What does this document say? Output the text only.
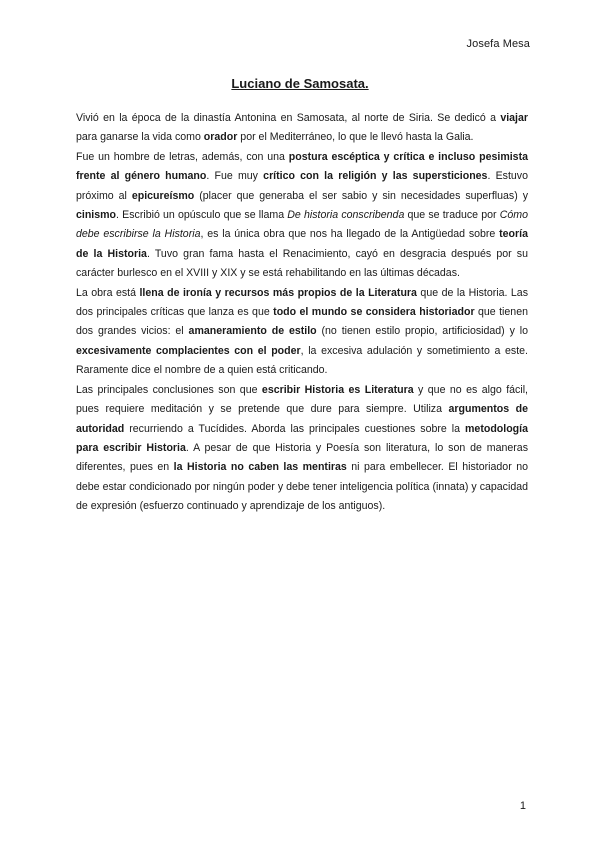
Josefa Mesa
Luciano de Samosata.

Vivió en la época de la dinastía Antonina en Samosata, al norte de Siria. Se dedicó a viajar para ganarse la vida como orador por el Mediterráneo, lo que le llevó hasta la Galia.

Fue un hombre de letras, además, con una postura escéptica y crítica e incluso pesimista frente al género humano. Fue muy crítico con la religión y las supersticiones. Estuvo próximo al epicureísmo (placer que generaba el ser sabio y sin necesidades superfluas) y cinismo. Escribió un opúsculo que se llama De historia conscribenda que se traduce por Cómo debe escribirse la Historia, es la única obra que nos ha llegado de la Antigüedad sobre teoría de la Historia. Tuvo gran fama hasta el Renacimiento, cayó en desgracia después por su carácter burlesco en el XVIII y XIX y se está rehabilitando en las últimas décadas.

La obra está llena de ironía y recursos más propios de la Literatura que de la Historia. Las dos principales críticas que lanza es que todo el mundo se considera historiador que tienen dos grandes vicios: el amaneramiento de estilo (no tienen estilo propio, artificiosidad) y lo excesivamente complacientes con el poder, la excesiva adulación y sometimiento a este. Raramente dice el nombre de a quien está criticando.

Las principales conclusiones son que escribir Historia es Literatura y que no es algo fácil, pues requiere meditación y se pretende que dure para siempre. Utiliza argumentos de autoridad recurriendo a Tucídides. Aborda las principales cuestiones sobre la metodología para escribir Historia. A pesar de que Historia y Poesía son literatura, lo son de maneras diferentes, pues en la Historia no caben las mentiras ni para embellecer. El historiador no debe estar condicionado por ningún poder y debe tener inteligencia política (innata) y capacidad de expresión (esfuerzo continuado y aprendizaje de los antiguos).

1
